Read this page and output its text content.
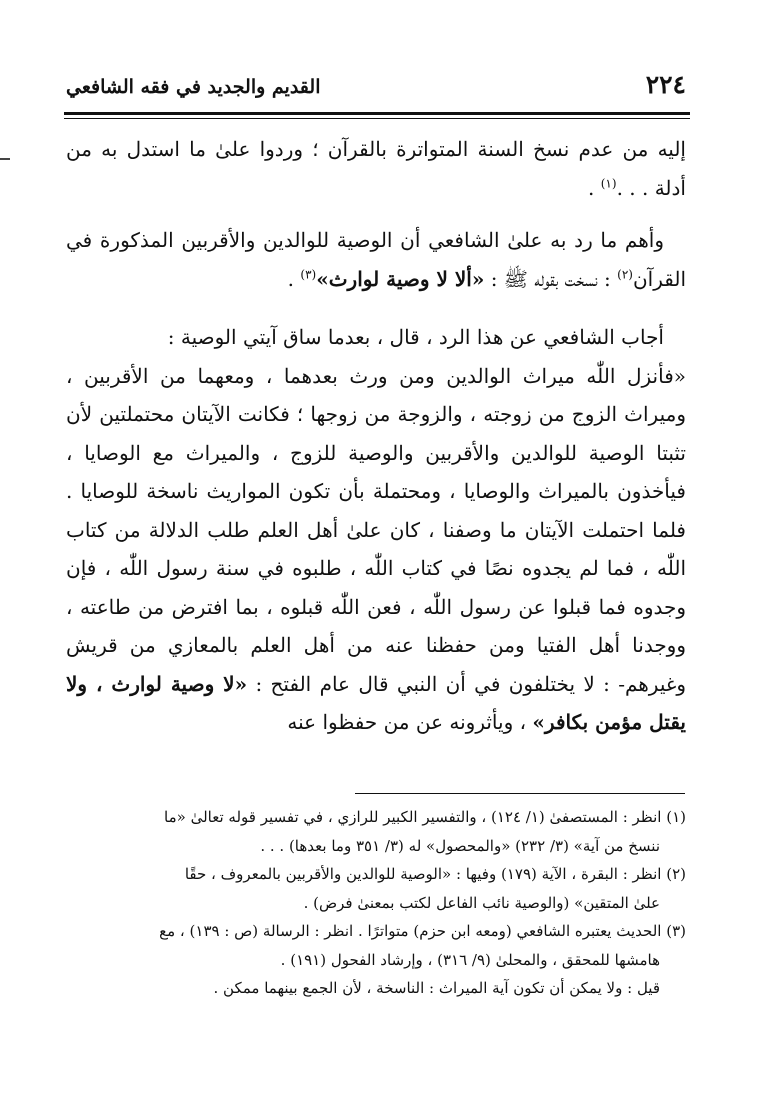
٢٢٤
القديم والجديد في فقه الشافعي

إليه من عدم نسخ السنة المتواترة بالقرآن ؛ وردوا علىٰ ما استدل به من أدلة . . .$^{(١)}$ .

وأهم ما رد به علىٰ الشافعي أن الوصية للوالدين والأقربين المذكورة في القرآن$^{(٢)}$ : نسخت بقوله ﷺ : «ألا لا وصية لوارث»$^{(٣)}$ .

أجاب الشافعي عن هذا الرد ، قال ، بعدما ساق آيتي الوصية :

«فأنزل اللّٰه ميراث الوالدين ومن ورث بعدهما ، ومعهما من الأقربين ، وميراث الزوج من زوجته ، والزوجة من زوجها ؛ فكانت الآيتان محتملتين لأن تثبتا الوصية للوالدين والأقربين والوصية للزوج ، والميراث مع الوصايا ، فيأخذون بالميراث والوصايا ، ومحتملة بأن تكون المواريث ناسخة للوصايا . فلما احتملت الآيتان ما وصفنا ، كان علىٰ أهل العلم طلب الدلالة من كتاب اللّٰه ، فما لم يجدوه نصًا في كتاب اللّٰه ، طلبوه في سنة رسول اللّٰه ، فإن وجدوه فما قبلوا عن رسول اللّٰه ، فعن اللّٰه قبلوه ، بما افترض من طاعته ، ووجدنا أهل الفتيا ومن حفظنا عنه من أهل العلم بالمعازي من قريش وغيرهم- : لا يختلفون في أن النبي قال عام الفتح : «لا وصية لوارث ، ولا يقتل مؤمن بكافر» ، ويأثرونه عن من حفظوا عنه

(١) انظر : المستصفىٰ (١/ ١٢٤) ، والتفسير الكبير للرازي ، في تفسير قوله تعالىٰ «ما

ننسخ من آية» (٣/ ٢٣٢) «والمحصول» له (٣/ ٣٥١ وما بعدها) . . .

(٢) انظر : البقرة ، الآية (١٧٩) وفيها : «الوصية للوالدين والأقربين بالمعروف ، حقًا

علىٰ المتقين» (والوصية نائب الفاعل لكتب بمعنىٰ فرض) .

(٣) الحديث يعتبره الشافعي (ومعه ابن حزم) متواترًا . انظر : الرسالة (ص : ١٣٩) ، مع

هامشها للمحقق ، والمحلىٰ (٩/ ٣١٦) ، وإرشاد الفحول (١٩١) .

قيل : ولا يمكن أن تكون آية الميراث : الناسخة ، لأن الجمع بينهما ممكن .
